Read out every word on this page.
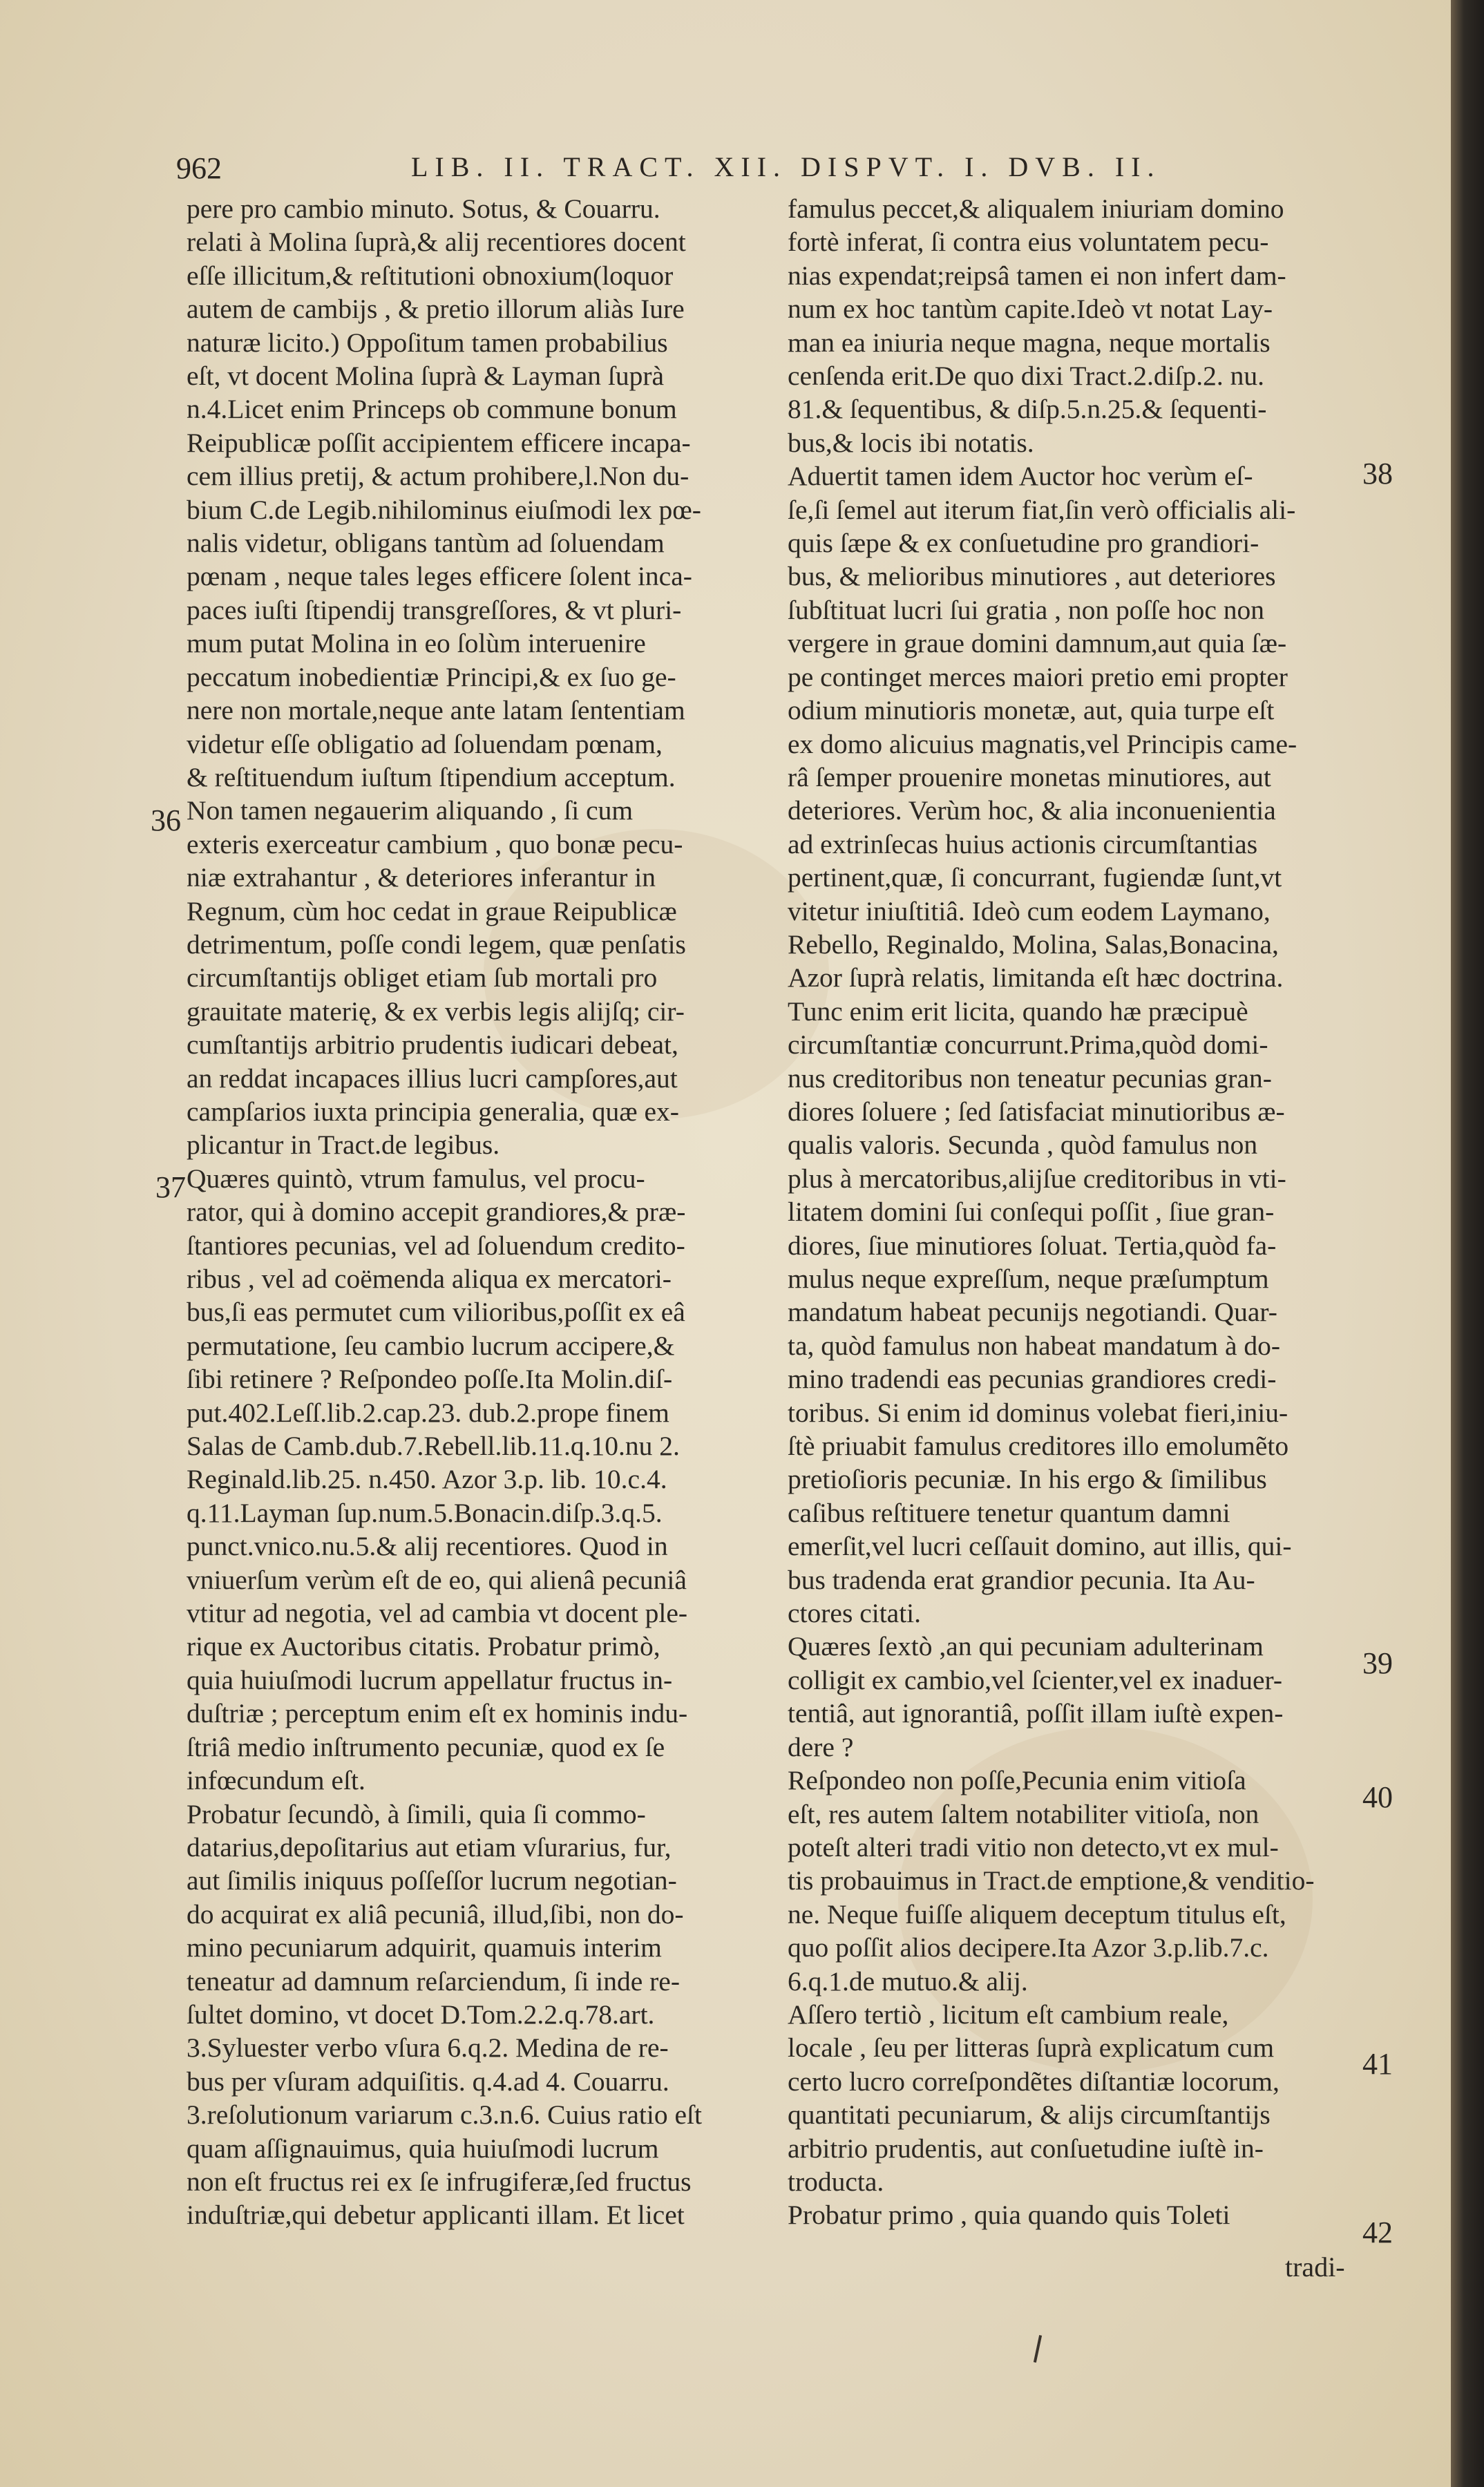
962	LIB. II. TRACT. XII. DISPVT. I. DVB. II.
pere pro cambio minuto. Sotus, & Couarru.
relati à Molina ſuprà,& alij recentiores docent
eſſe illicitum,& reſtitutioni obnoxium(loquor
autem de cambijs , & pretio illorum aliàs Iure
naturæ licito.) Oppoſitum tamen probabilius
eſt, vt docent Molina ſuprà & Layman ſuprà
n.4.Licet enim Princeps ob commune bonum
Reipublicæ poſſit accipientem efficere incapa-
cem illius pretij, & actum prohibere,l.Non du-
bium C.de Legib.nihilominus eiuſmodi lex pœ-
nalis videtur, obligans tantùm ad ſoluendam
pœnam , neque tales leges efficere ſolent inca-
paces iuſti ſtipendij transgreſſores, & vt pluri-
mum putat Molina in eo ſolùm interuenire
peccatum inobedientiæ Principi,& ex ſuo ge-
nere non mortale,neque ante latam ſententiam
videtur eſſe obligatio ad ſoluendam pœnam,
& reſtituendum iuſtum ſtipendium acceptum.
Non tamen negauerim aliquando , ſi cum
exteris exerceatur cambium , quo bonæ pecu-
niæ extrahantur , & deteriores inferantur in
Regnum, cùm hoc cedat in graue Reipublicæ
detrimentum, poſſe condi legem, quæ penſatis
circumſtantijs obliget etiam ſub mortali pro
grauitate materię, & ex verbis legis alijſq; cir-
cumſtantijs arbitrio prudentis iudicari debeat,
an reddat incapaces illius lucri campſores,aut
campſarios iuxta principia generalia, quæ ex-
plicantur in Tract.de legibus.
Quæres quintò, vtrum famulus, vel procu-
rator, qui à domino accepit grandiores,& præ-
ſtantiores pecunias, vel ad ſoluendum credito-
ribus , vel ad coëmenda aliqua ex mercatori-
bus,ſi eas permutet cum vilioribus,poſſit ex eâ
permutatione, ſeu cambio lucrum accipere,&
ſibi retinere ? Reſpondeo poſſe.Ita Molin.diſ-
put.402.Leſſ.lib.2.cap.23. dub.2.prope finem
Salas de Camb.dub.7.Rebell.lib.11.q.10.nu 2.
Reginald.lib.25. n.450. Azor 3.p. lib. 10.c.4.
q.11.Layman ſup.num.5.Bonacin.diſp.3.q.5.
punct.vnico.nu.5.& alij recentiores. Quod in
vniuerſum verùm eſt de eo, qui alienâ pecuniâ
vtitur ad negotia, vel ad cambia vt docent ple-
rique ex Auctoribus citatis. Probatur primò,
quia huiuſmodi lucrum appellatur fructus in-
duſtriæ ; perceptum enim eſt ex hominis indu-
ſtriâ medio inſtrumento pecuniæ, quod ex ſe
infœcundum eſt.
Probatur ſecundò, à ſimili, quia ſi commo-
datarius,depoſitarius aut etiam vſurarius, fur,
aut ſimilis iniquus poſſeſſor lucrum negotian-
do acquirat ex aliâ pecuniâ, illud,ſibi, non do-
mino pecuniarum adquirit, quamuis interim
teneatur ad damnum reſarciendum, ſi inde re-
ſultet domino, vt docet D.Tom.2.2.q.78.art.
3.Syluester verbo vſura 6.q.2. Medina de re-
bus per vſuram adquiſitis. q.4.ad 4. Couarru.
3.reſolutionum variarum c.3.n.6. Cuius ratio eſt
quam aſſignauimus, quia huiuſmodi lucrum
non eſt fructus rei ex ſe infrugiferæ,ſed fructus
induſtriæ,qui debetur applicanti illam. Et licet
famulus peccet,& aliqualem iniuriam domino
fortè inferat, ſi contra eius voluntatem pecu-
nias expendat;reipsâ tamen ei non infert dam-
num ex hoc tantùm capite.Ideò vt notat Lay-
man ea iniuria neque magna, neque mortalis
cenſenda erit.De quo dixi Tract.2.diſp.2. nu.
81.& ſequentibus, & diſp.5.n.25.& ſequenti-
bus,& locis ibi notatis.
Aduertit tamen idem Auctor hoc verùm eſ-
ſe,ſi ſemel aut iterum fiat,ſin verò officialis ali-
quis ſæpe & ex conſuetudine pro grandiori-
bus, & melioribus minutiores , aut deteriores
ſubſtituat lucri ſui gratia , non poſſe hoc non
vergere in graue domini damnum,aut quia ſæ-
pe continget merces maiori pretio emi propter
odium minutioris monetæ, aut, quia turpe eſt
ex domo alicuius magnatis,vel Principis came-
râ ſemper prouenire monetas minutiores, aut
deteriores. Verùm hoc, & alia inconuenientia
ad extrinſecas huius actionis circumſtantias
pertinent,quæ, ſi concurrant, fugiendæ ſunt,vt
vitetur iniuſtitiâ. Ideò cum eodem Laymano,
Rebello, Reginaldo, Molina, Salas,Bonacina,
Azor ſuprà relatis, limitanda eſt hæc doctrina.
Tunc enim erit licita, quando hæ præcipuè
circumſtantiæ concurrunt.Prima,quòd domi-
nus creditoribus non teneatur pecunias gran-
diores ſoluere ; ſed ſatisfaciat minutioribus æ-
qualis valoris. Secunda , quòd famulus non
plus à mercatoribus,alijſue creditoribus in vti-
litatem domini ſui conſequi poſſit , ſiue gran-
diores, ſiue minutiores ſoluat. Tertia,quòd fa-
mulus neque expreſſum, neque præſumptum
mandatum habeat pecunijs negotiandi. Quar-
ta, quòd famulus non habeat mandatum à do-
mino tradendi eas pecunias grandiores credi-
toribus. Si enim id dominus volebat fieri,iniu-
ſtè priuabit famulus creditores illo emolumẽto
pretioſioris pecuniæ. In his ergo & ſimilibus
caſibus reſtituere tenetur quantum damni
emerſit,vel lucri ceſſauit domino, aut illis, qui-
bus tradenda erat grandior pecunia. Ita Au-
ctores citati.
Quæres ſextò ,an qui pecuniam adulterinam
colligit ex cambio,vel ſcienter,vel ex inaduer-
tentiâ, aut ignorantiâ, poſſit illam iuſtè expen-
dere ?
Reſpondeo non poſſe,Pecunia enim vitioſa
eſt, res autem ſaltem notabiliter vitioſa, non
poteſt alteri tradi vitio non detecto,vt ex mul-
tis probauimus in Tract.de emptione,& venditio-
ne. Neque fuiſſe aliquem deceptum titulus eſt,
quo poſſit alios decipere.Ita Azor 3.p.lib.7.c.
6.q.1.de mutuo.& alij.
Aſſero tertiò , licitum eſt cambium reale,
locale , ſeu per litteras ſuprà explicatum cum
certo lucro correſpondẽtes diſtantiæ locorum,
quantitati pecuniarum, & alijs circumſtantijs
arbitrio prudentis, aut conſuetudine iuſtè in-
troducta.
Probatur primo , quia quando quis Toleti
36
37
38
39
40
41
42
tradi-
